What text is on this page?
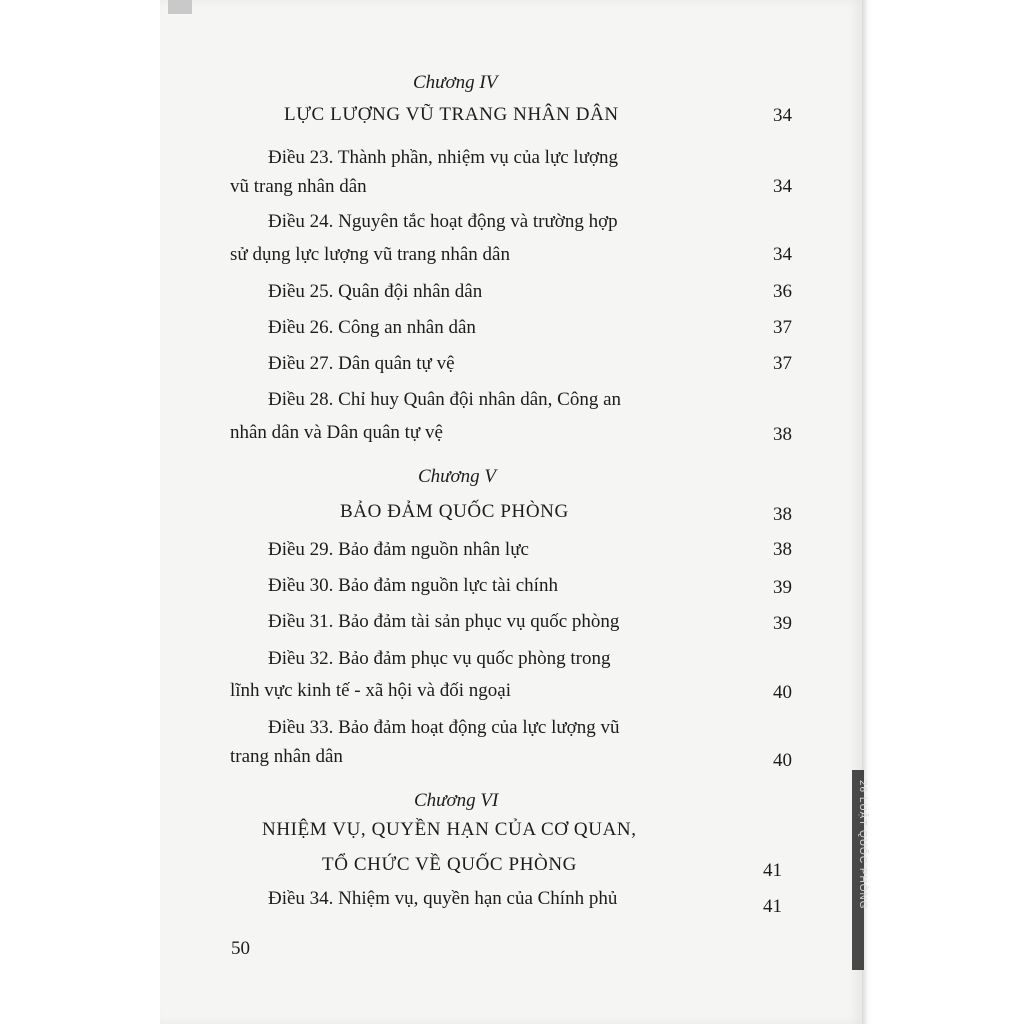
26 LUẬT QUỐC PHÒNG
Chương IV
LỰC LƯỢNG VŨ TRANG NHÂN DÂN	34
Điều 23. Thành phần, nhiệm vụ của lực lượng
vũ trang nhân dân	34
Điều 24. Nguyên tắc hoạt động và trường hợp
sử dụng lực lượng vũ trang nhân dân	34
Điều 25. Quân đội nhân dân	36
Điều 26. Công an nhân dân	37
Điều 27. Dân quân tự vệ	37
Điều 28. Chỉ huy Quân đội nhân dân, Công an
nhân dân và Dân quân tự vệ	38
Chương V
BẢO ĐẢM QUỐC PHÒNG	38
Điều 29. Bảo đảm nguồn nhân lực	38
Điều 30. Bảo đảm nguồn lực tài chính	39
Điều 31. Bảo đảm tài sản phục vụ quốc phòng	39
Điều 32. Bảo đảm phục vụ quốc phòng trong
lĩnh vực kinh tế - xã hội và đối ngoại	40
Điều 33. Bảo đảm hoạt động của lực lượng vũ
trang nhân dân	40
Chương VI
NHIỆM VỤ, QUYỀN HẠN CỦA CƠ QUAN,
TỔ CHỨC VỀ QUỐC PHÒNG	41
Điều 34. Nhiệm vụ, quyền hạn của Chính phủ	41
50
